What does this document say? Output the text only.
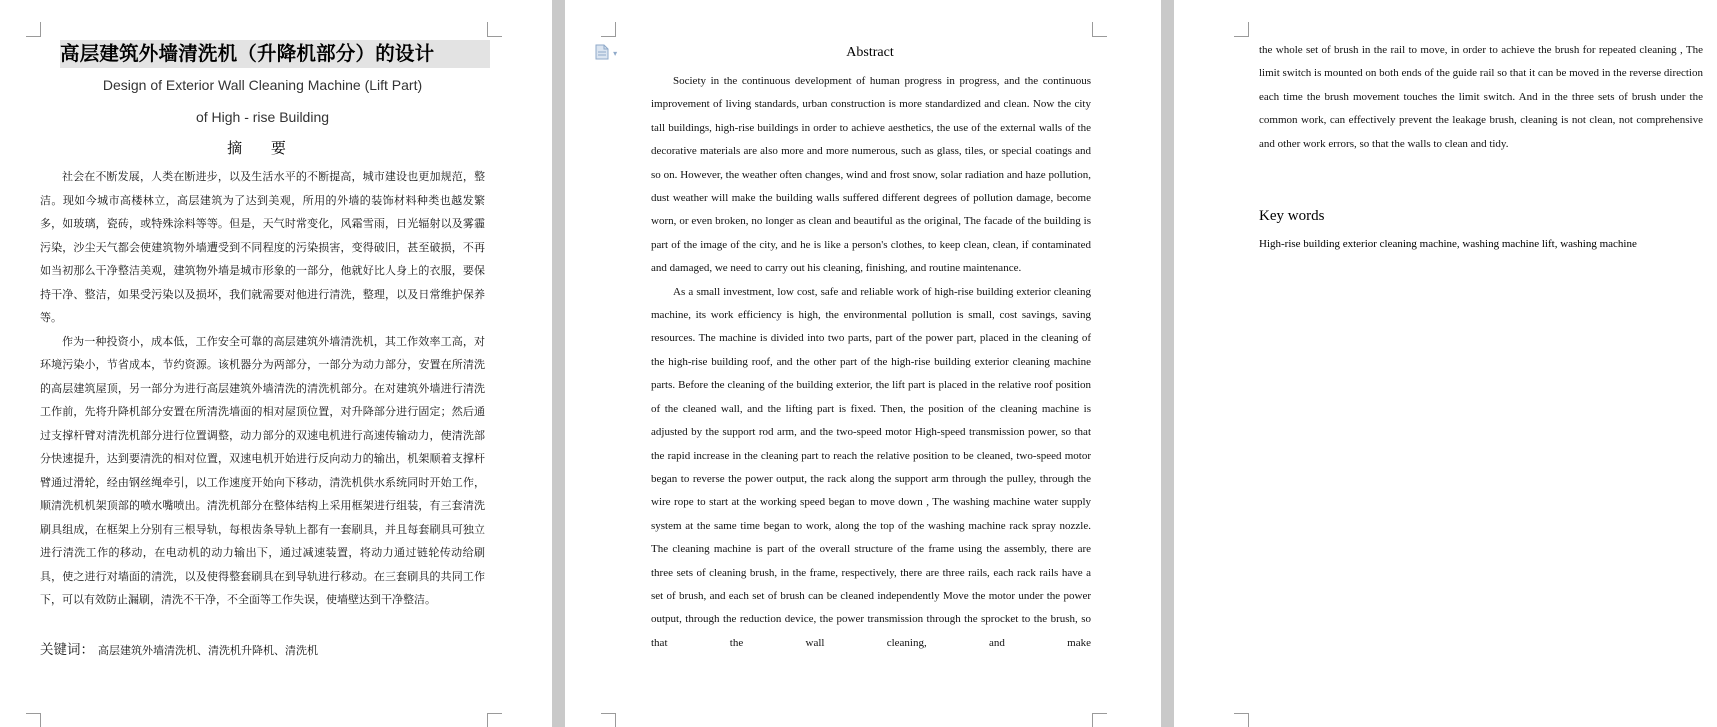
高层建筑外墙清洗机（升降机部分）的设计
Design of Exterior Wall Cleaning Machine (Lift Part)
of High - rise Building
摘 要

社会在不断发展，人类在断进步，以及生活水平的不断提高，城市建设也更加规范，整洁。现如今城市高楼林立，高层建筑为了达到美观，所用的外墙的装饰材料种类也越发繁多，如玻璃，瓷砖，或特殊涂料等等。但是，天气时常变化，风霜雪雨，日光辐射以及雾霾污染，沙尘天气都会使建筑物外墙遭受到不同程度的污染损害，变得破旧，甚至破损，不再如当初那么干净整洁美观，建筑物外墙是城市形象的一部分，他就好比人身上的衣服，要保持干净、整洁，如果受污染以及损坏，我们就需要对他进行清洗，整理，以及日常维护保养等。

作为一种投资小，成本低，工作安全可靠的高层建筑外墙清洗机，其工作效率工高，对环境污染小，节省成本，节约资源。该机器分为两部分，一部分为动力部分，安置在所清洗的高层建筑屋顶，另一部分为进行高层建筑外墙清洗的清洗机部分。在对建筑外墙进行清洗工作前，先将升降机部分安置在所清洗墙面的相对屋顶位置，对升降部分进行固定；然后通过支撑杆臂对清洗机部分进行位置调整，动力部分的双速电机进行高速传输动力，使清洗部分快速提升，达到要清洗的相对位置，双速电机开始进行反向动力的输出，机架顺着支撑杆臂通过滑轮，经由钢丝绳牵引，以工作速度开始向下移动，清洗机供水系统同时开始工作，顺清洗机机架顶部的喷水嘴喷出。清洗机部分在整体结构上采用框架进行组装，有三套清洗刷具组成，在框架上分别有三根导轨，每根齿条导轨上都有一套刷具，并且每套刷具可独立进行清洗工作的移动，在电动机的动力输出下，通过减速装置，将动力通过链轮传动给刷具，使之进行对墙面的清洗，以及使得整套刷具在到导轨进行移动。在三套刷具的共同工作下，可以有效防止漏刷，清洗不干净，不全面等工作失误，使墙壁达到干净整洁。

关键词： 高层建筑外墙清洗机、清洗机升降机、清洗机
▾	Abstract

Society in the continuous development of human progress in progress, and the continuous improvement of living standards, urban construction is more standardized and clean. Now the city tall buildings, high-rise buildings in order to achieve aesthetics, the use of the external walls of the decorative materials are also more and more numerous, such as glass, tiles, or special coatings and so on. However, the weather often changes, wind and frost snow, solar radiation and haze pollution, dust weather will make the building walls suffered different degrees of pollution damage, become worn, or even broken, no longer as clean and beautiful as the original, The facade of the building is part of the image of the city, and he is like a person's clothes, to keep clean, clean, if contaminated and damaged, we need to carry out his cleaning, finishing, and routine maintenance.

As a small investment, low cost, safe and reliable work of high-rise building exterior cleaning machine, its work efficiency is high, the environmental pollution is small, cost savings, saving resources. The machine is divided into two parts, part of the power part, placed in the cleaning of the high-rise building roof, and the other part of the high-rise building exterior cleaning machine parts. Before the cleaning of the building exterior, the lift part is placed in the relative roof position of the cleaned wall, and the lifting part is fixed. Then, the position of the cleaning machine is adjusted by the support rod arm, and the two-speed motor High-speed transmission power, so that the rapid increase in the cleaning part to reach the relative position to be cleaned, two-speed motor began to reverse the power output, the rack along the support arm through the pulley, through the wire rope to start at the working speed began to move down , The washing machine water supply system at the same time began to work, along the top of the washing machine rack spray nozzle. The cleaning machine is part of the overall structure of the frame using the assembly, there are three sets of cleaning brush, in the frame, respectively, there are three rails, each rack rails have a set of brush, and each set of brush can be cleaned independently Move the motor under the power output, through the reduction device, the power transmission through the sprocket to the brush, so that the wall cleaning, and make

the whole set of brush in the rail to move, in order to achieve the brush for repeated cleaning , The limit switch is mounted on both ends of the guide rail so that it can be moved in the reverse direction each time the brush movement touches the limit switch. And in the three sets of brush under the common work, can effectively prevent the leakage brush, cleaning is not clean, not comprehensive and other work errors, so that the walls to clean and tidy.

Key words
High-rise building exterior cleaning machine, washing machine lift, washing machine
